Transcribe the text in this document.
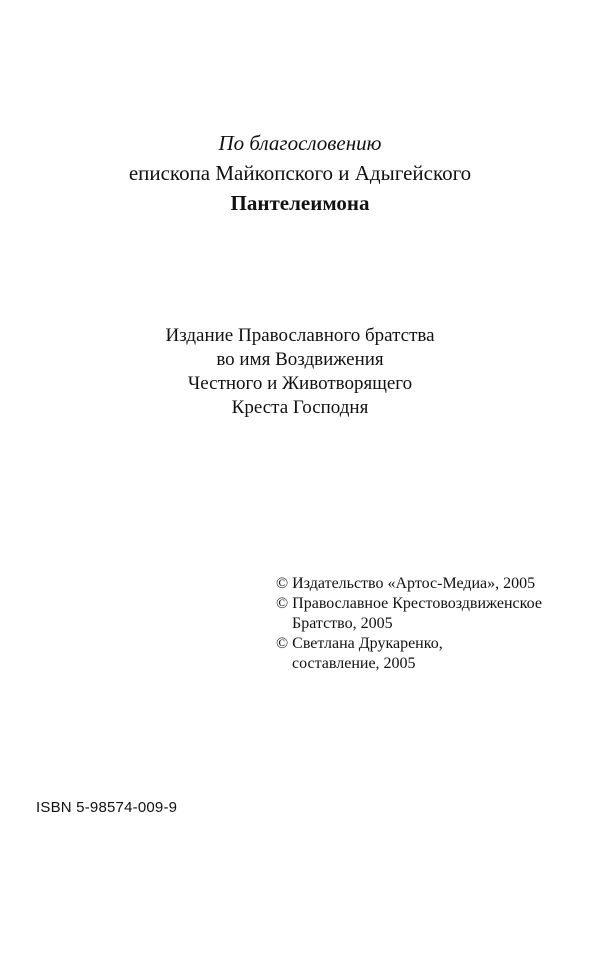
По благословению
епископа Майкопского и Адыгейского
Пантелеимона
Издание Православного братства
во имя Воздвижения
Честного и Животворящего
Креста Господня
© Издательство «Артос-Медиа», 2005
© Православное Крестовоздвиженское
Братство, 2005
© Светлана Друкаренко,
составление, 2005
ISBN 5-98574-009-9
